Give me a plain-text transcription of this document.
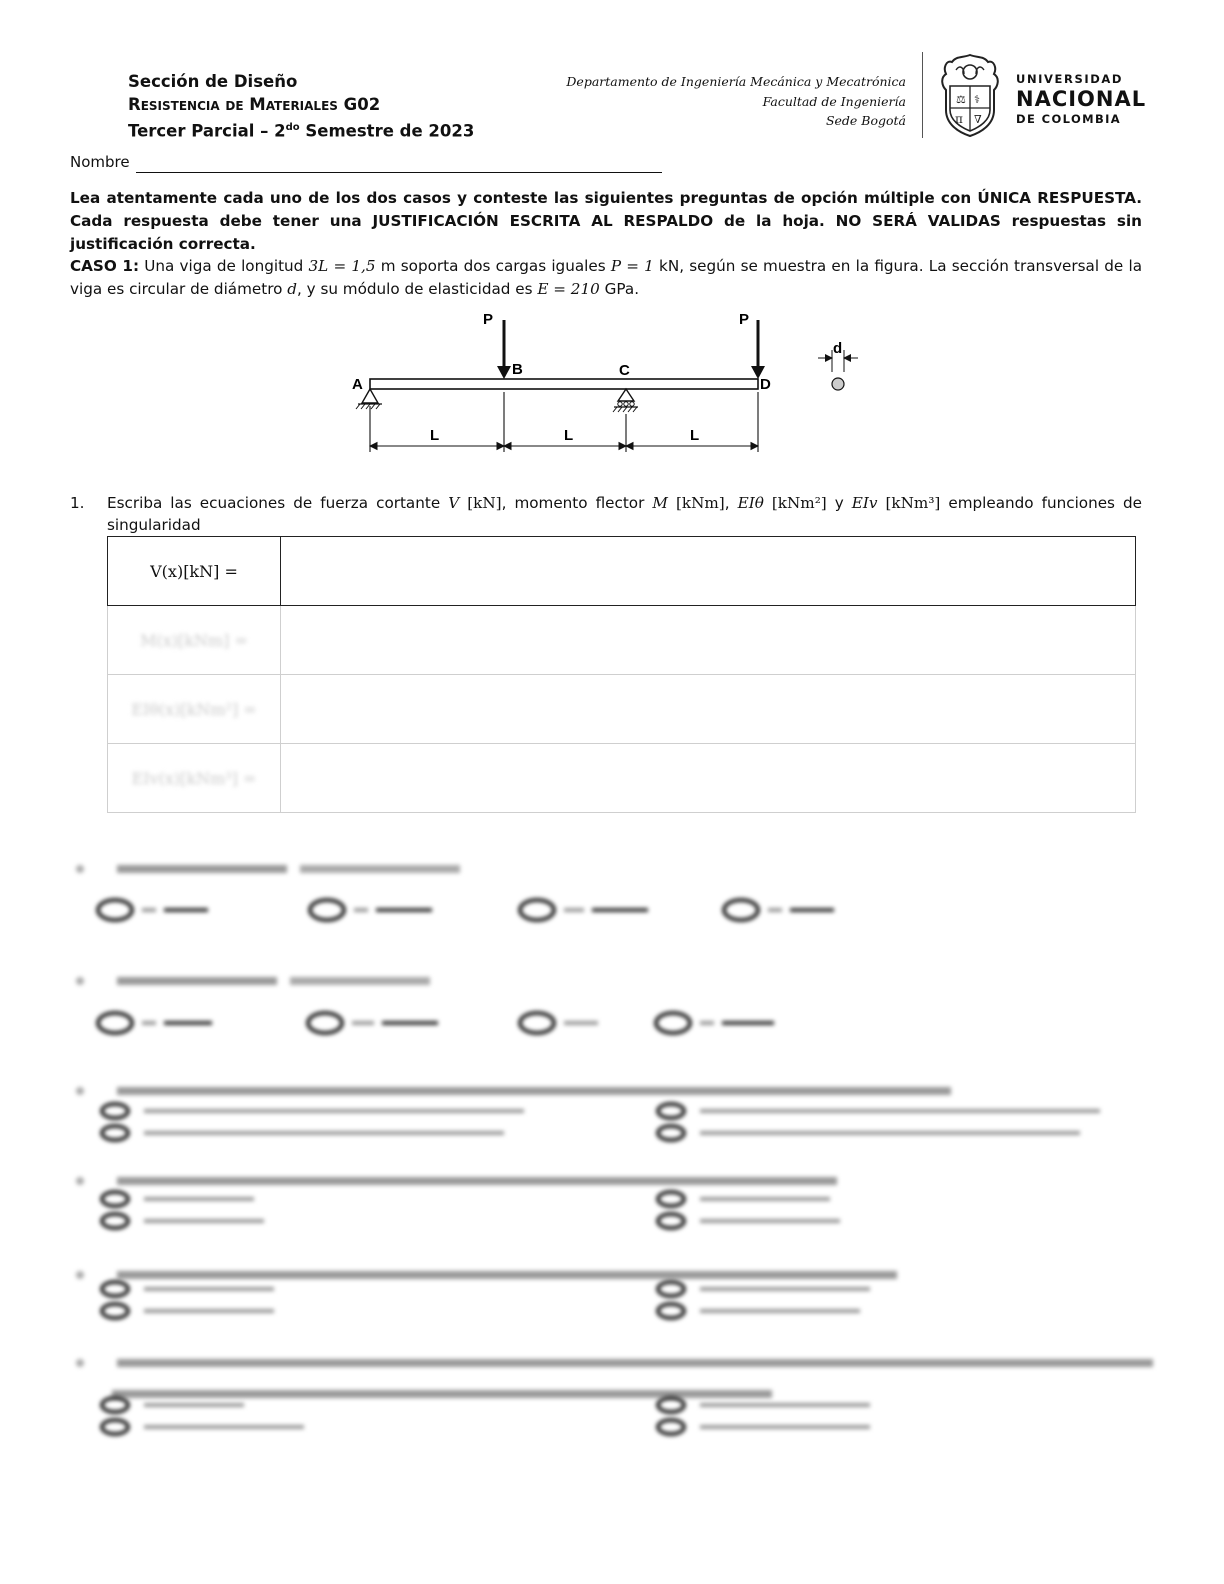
Sección de Diseño
Resistencia de Materiales G02
Tercer Parcial – $2^{do}$ Semestre de 2023
Departamento de Ingeniería Mecánica y Mecatrónica
Facultad de Ingeniería
Sede Bogotá
⚖ ⚕
π ∇
UNIVERSIDAD
NACIONAL
DE COLOMBIA
Nombre
Lea atentamente cada uno de los dos casos y conteste las siguientes preguntas de opción múltiple con ÚNICA RESPUESTA. Cada respuesta debe tener una JUSTIFICACIÓN ESCRITA AL RESPALDO de la hoja. NO SERÁ VALIDAS respuestas sin justificación correcta.
CASO 1: Una viga de longitud 3L = 1,5 m soporta dos cargas iguales P = 1 kN, según se muestra en la figura. La sección transversal de la viga es circular de diámetro d, y su módulo de elasticidad es E = 210 GPa.
P	P
A
B	C
D
L	L	L
d
1. Escriba las ecuaciones de fuerza cortante V [kN], momento flector M [kNm], EIθ [kNm²] y EIv [kNm³] empleando funciones de singularidad
V(x)[kN] =	
M(x)[kNm] =	
EIθ(x)[kNm²] =	
EIv(x)[kNm³] =	
